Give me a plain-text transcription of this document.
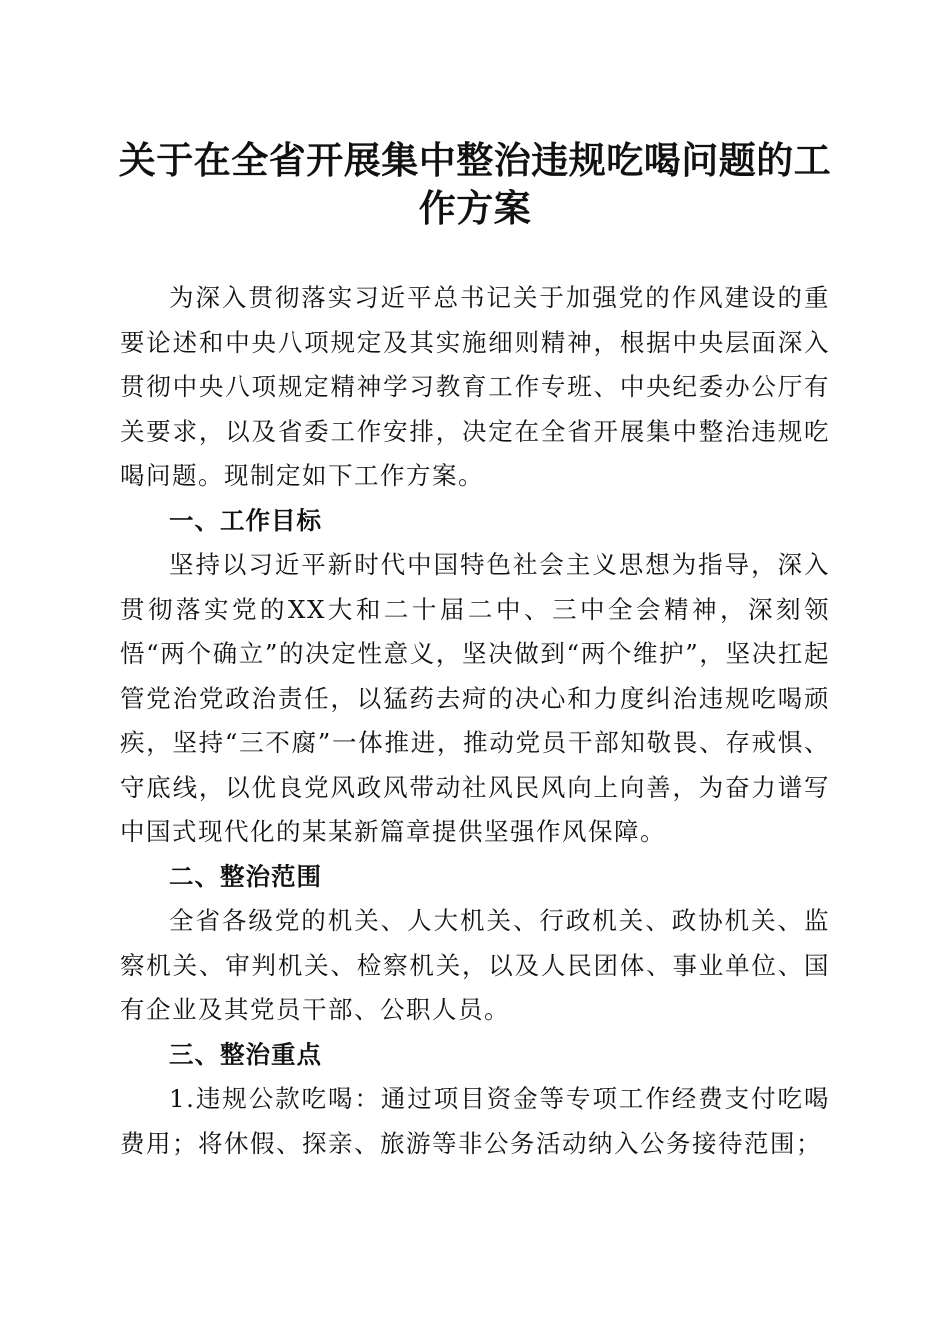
关于在全省开展集中整治违规吃喝问题的工作方案

为深入贯彻落实习近平总书记关于加强党的作风建设的重要论述和中央八项规定及其实施细则精神，根据中央层面深入贯彻中央八项规定精神学习教育工作专班、中央纪委办公厅有关要求，以及省委工作安排，决定在全省开展集中整治违规吃喝问题。现制定如下工作方案。

一、工作目标

坚持以习近平新时代中国特色社会主义思想为指导，深入贯彻落实党的XX大和二十届二中、三中全会精神，深刻领悟“两个确立”的决定性意义，坚决做到“两个维护”，坚决扛起管党治党政治责任，以猛药去疴的决心和力度纠治违规吃喝顽疾，坚持“三不腐”一体推进，推动党员干部知敬畏、存戒惧、守底线，以优良党风政风带动社风民风向上向善，为奋力谱写中国式现代化的某某新篇章提供坚强作风保障。

二、整治范围

全省各级党的机关、人大机关、行政机关、政协机关、监察机关、审判机关、检察机关，以及人民团体、事业单位、国有企业及其党员干部、公职人员。

三、整治重点

1.违规公款吃喝：通过项目资金等专项工作经费支付吃喝费用；将休假、探亲、旅游等非公务活动纳入公务接待范围；
